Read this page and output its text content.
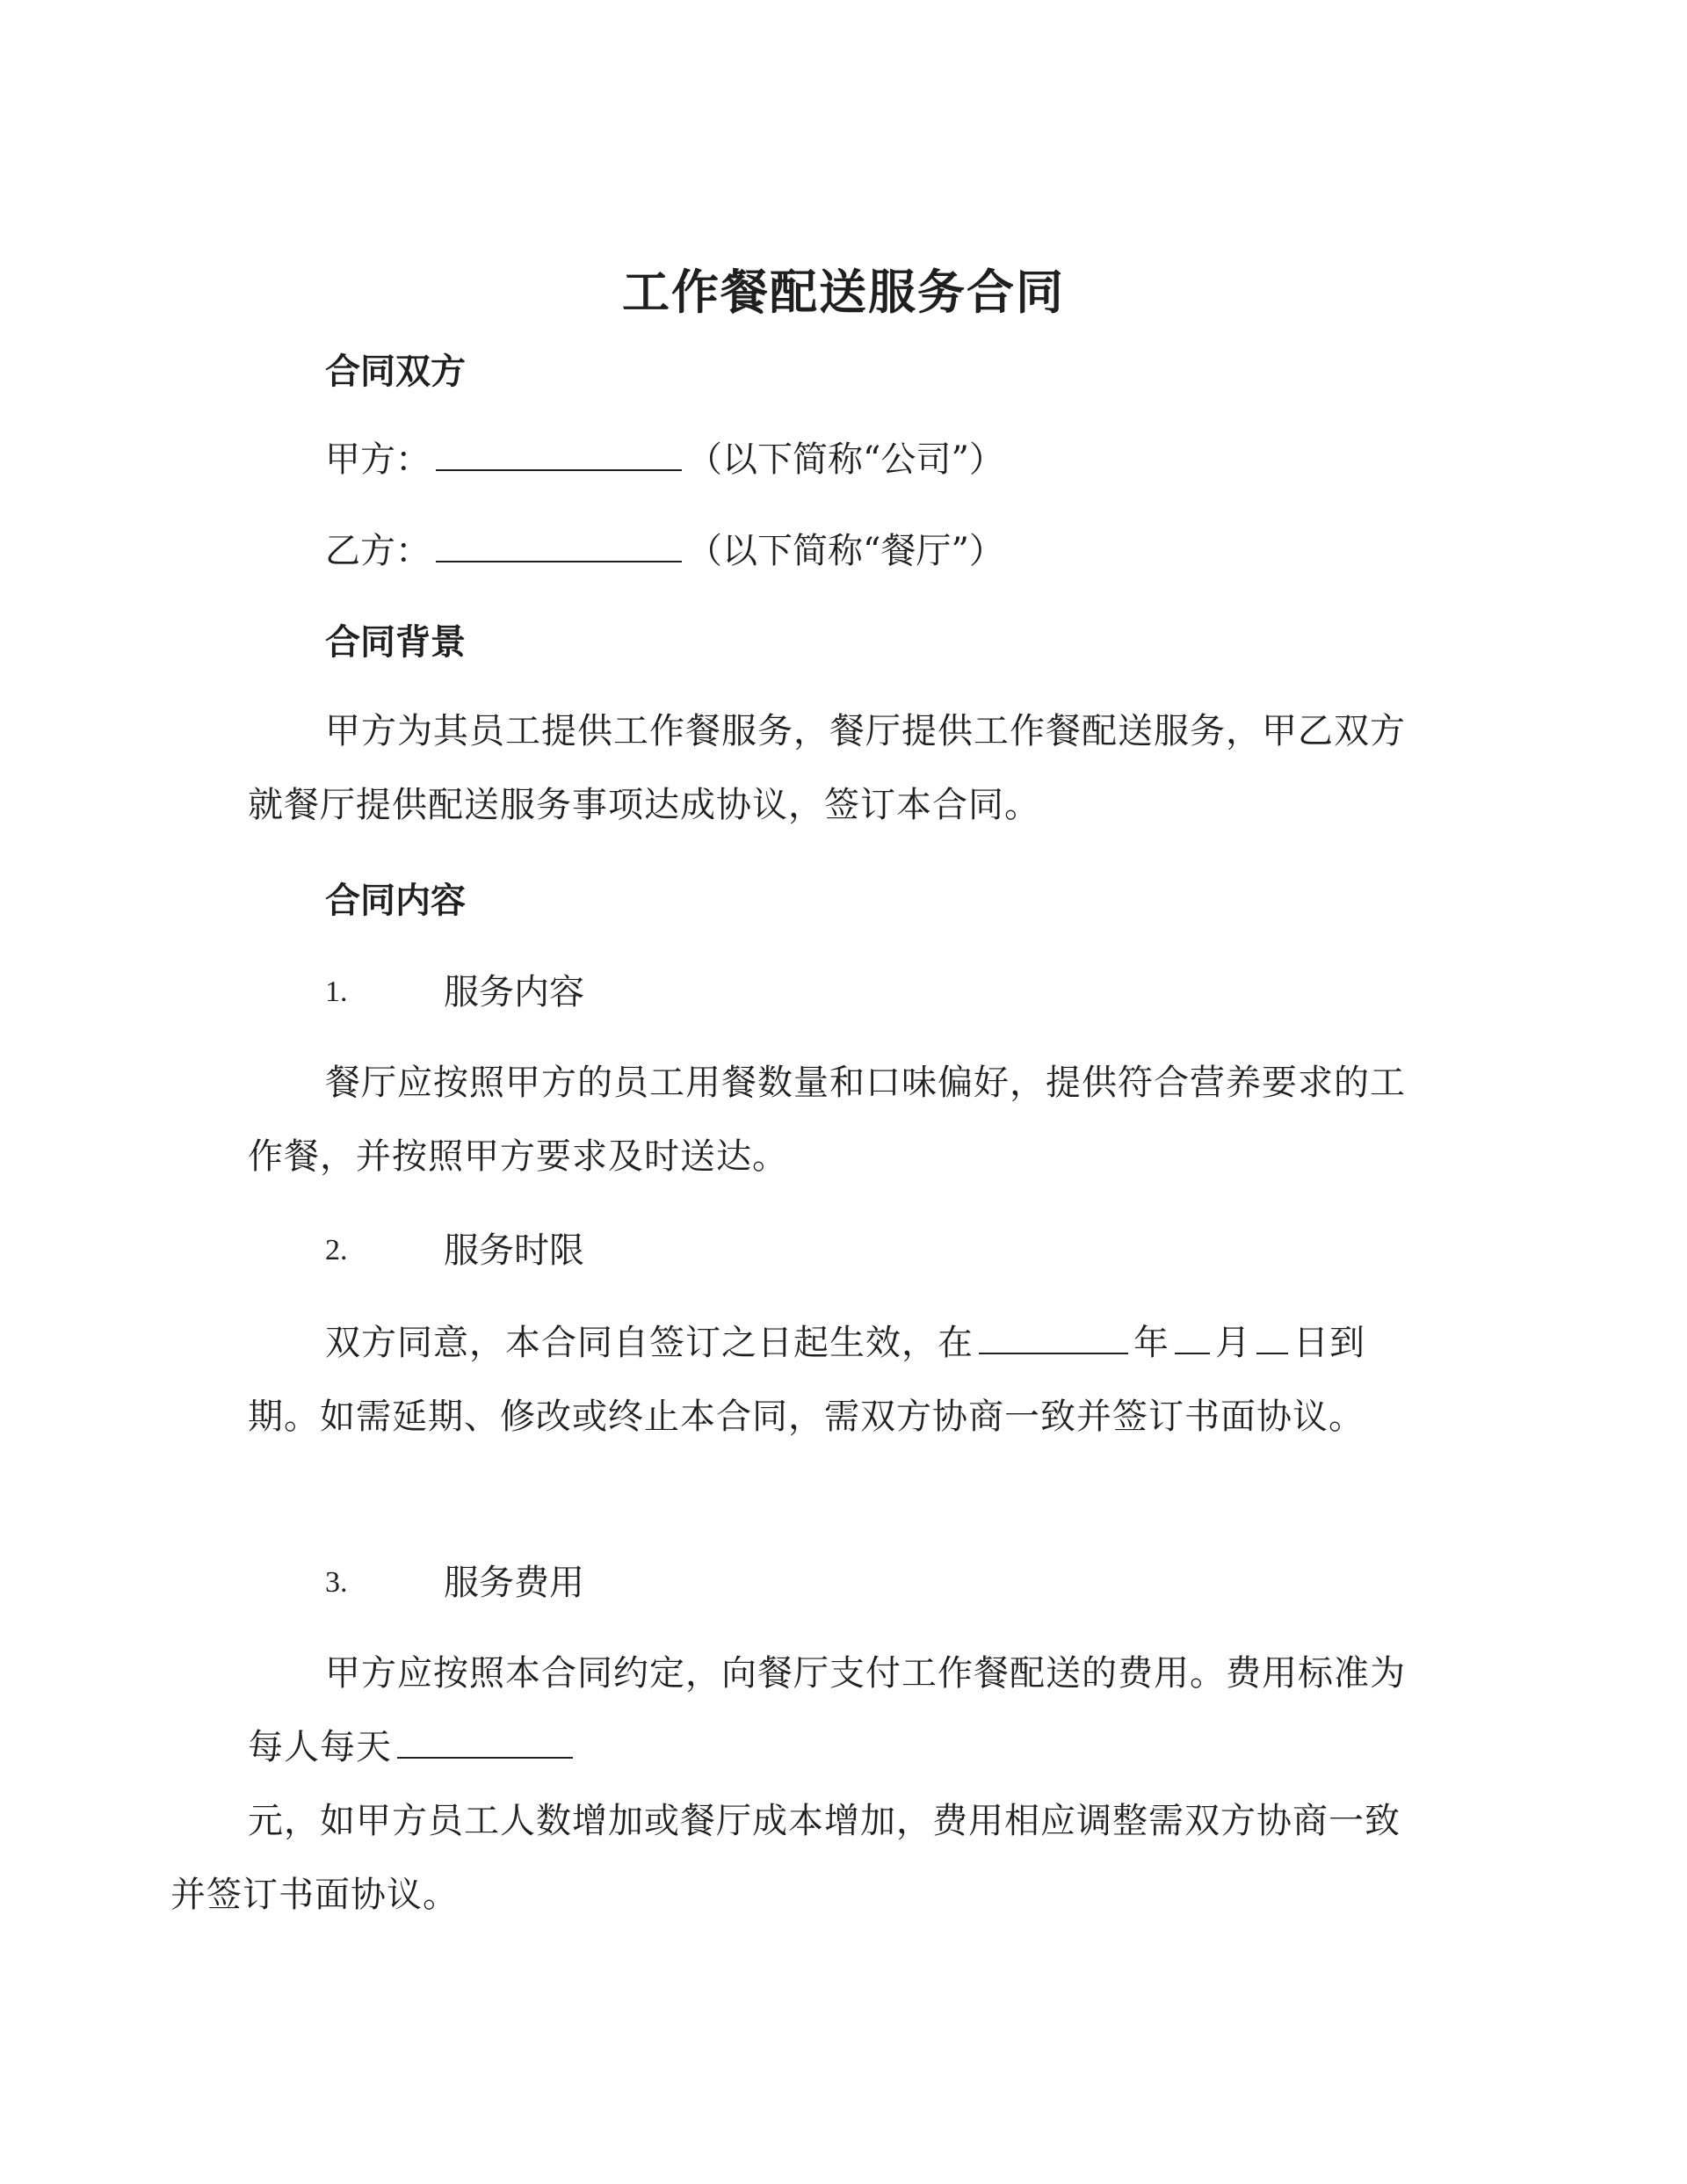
工作餐配送服务合同
合同双方
甲方：	（以下简称“公司”）
乙方：	（以下简称“餐厅”）
合同背景
甲方为其员工提供工作餐服务，餐厅提供工作餐配送服务，甲乙双方就餐厅提供配送服务事项达成协议，签订本合同。
合同内容
1.	服务内容
餐厅应按照甲方的员工用餐数量和口味偏好，提供符合营养要求的工作餐，并按照甲方要求及时送达。
2.	服务时限
双方同意，本合同自签订之日起生效，在	年 月 日到期。如需延期、修改或终止本合同，需双方协商一致并签订书面协议。
3.	服务费用
甲方应按照本合同约定，向餐厅支付工作餐配送的费用。费用标准为每人每天
元，如甲方员工人数增加或餐厅成本增加，费用相应调整需双方协商一致并签订书面协议。
